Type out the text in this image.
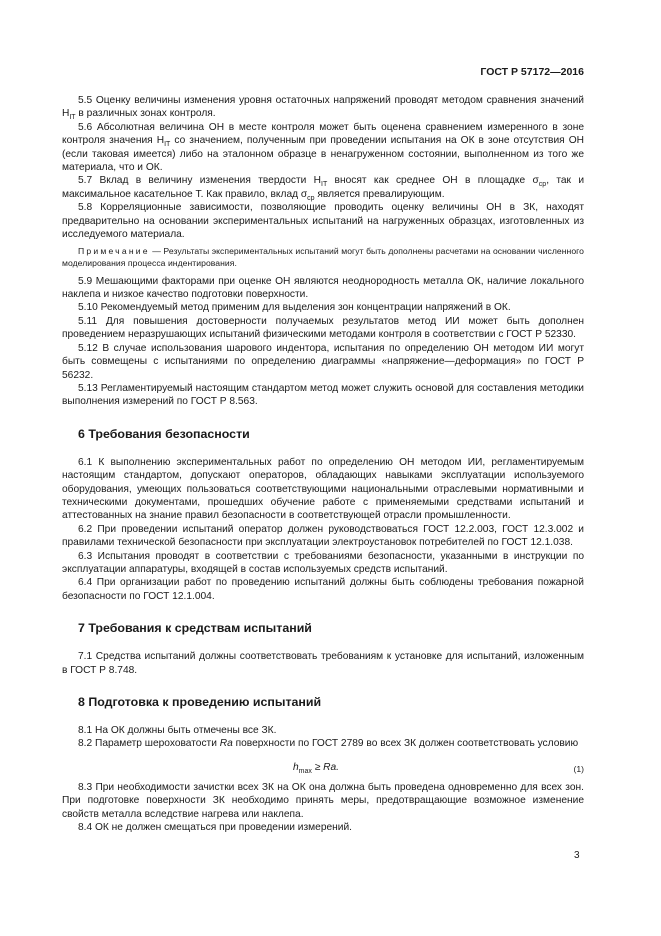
ГОСТ Р 57172—2016

5.5 Оценку величины изменения уровня остаточных напряжений проводят методом сравнения значений $H_{IT}$ в различных зонах контроля.

5.6 Абсолютная величина ОН в месте контроля может быть оценена сравнением измеренного в зоне контроля значения $H_{IT}$ со значением, полученным при проведении испытания на ОК в зоне отсутствия ОН (если таковая имеется) либо на эталонном образце в ненагруженном состоянии, выполненном из того же материала, что и ОК.

5.7 Вклад в величину изменения твердости $H_{IT}$ вносят как среднее ОН в площадке $\sigma_{ср}$, так и максимальное касательное T. Как правило, вклад $\sigma_{ср}$ является превалирующим.

5.8 Корреляционные зависимости, позволяющие проводить оценку величины ОН в ЗК, находят предварительно на основании экспериментальных испытаний на нагруженных образцах, изготовленных из исследуемого материала.

Примечание — Результаты экспериментальных испытаний могут быть дополнены расчетами на основании численного моделирования процесса индентирования.

5.9 Мешающими факторами при оценке ОН являются неоднородность металла ОК, наличие локального наклепа и низкое качество подготовки поверхности.

5.10 Рекомендуемый метод применим для выделения зон концентрации напряжений в ОК.

5.11 Для повышения достоверности получаемых результатов метод ИИ может быть дополнен проведением неразрушающих испытаний физическими методами контроля в соответствии с ГОСТ Р 52330.

5.12 В случае использования шарового индентора, испытания по определению ОН методом ИИ могут быть совмещены с испытаниями по определению диаграммы «напряжение—деформация» по ГОСТ Р 56232.

5.13 Регламентируемый настоящим стандартом метод может служить основой для составления методики выполнения измерений по ГОСТ Р 8.563.

6 Требования безопасности

6.1 К выполнению экспериментальных работ по определению ОН методом ИИ, регламентируемым настоящим стандартом, допускают операторов, обладающих навыками эксплуатации используемого оборудования, умеющих пользоваться соответствующими национальными отраслевыми нормативными и техническими документами, прошедших обучение работе с применяемыми средствами испытаний и аттестованных на знание правил безопасности в соответствующей отрасли промышленности.

6.2 При проведении испытаний оператор должен руководствоваться ГОСТ 12.2.003, ГОСТ 12.3.002 и правилами технической безопасности при эксплуатации электроустановок потребителей по ГОСТ 12.1.038.

6.3 Испытания проводят в соответствии с требованиями безопасности, указанными в инструкции по эксплуатации аппаратуры, входящей в состав используемых средств испытаний.

6.4 При организации работ по проведению испытаний должны быть соблюдены требования пожарной безопасности по ГОСТ 12.1.004.

7 Требования к средствам испытаний

7.1 Средства испытаний должны соответствовать требованиям к установке для испытаний, изложенным в ГОСТ Р 8.748.

8 Подготовка к проведению испытаний

8.1 На ОК должны быть отмечены все ЗК.

8.2 Параметр шероховатости Ra поверхности по ГОСТ 2789 во всех ЗК должен соответствовать условию

$h_{max} \ge Ra$.	(1)

8.3 При необходимости зачистки всех ЗК на ОК она должна быть проведена одновременно для всех зон. При подготовке поверхности ЗК необходимо принять меры, предотвращающие возможное изменение свойств металла вследствие нагрева или наклепа.

8.4 ОК не должен смещаться при проведении измерений.

3
